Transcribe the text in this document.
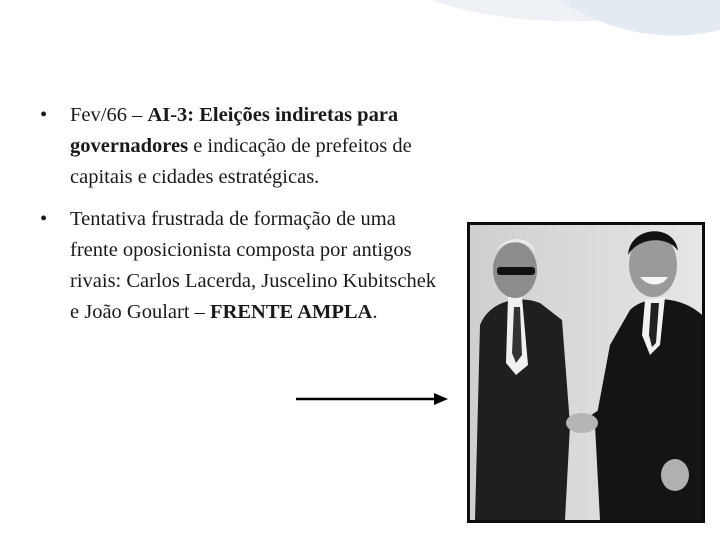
• Fev/66 – AI-3: Eleições indiretas para governadores e indicação de prefeitos de capitais e cidades estratégicas.
• Tentativa frustrada de formação de uma frente oposicionista composta por antigos rivais: Carlos Lacerda, Juscelino Kubitschek e João Goulart – FRENTE AMPLA.
